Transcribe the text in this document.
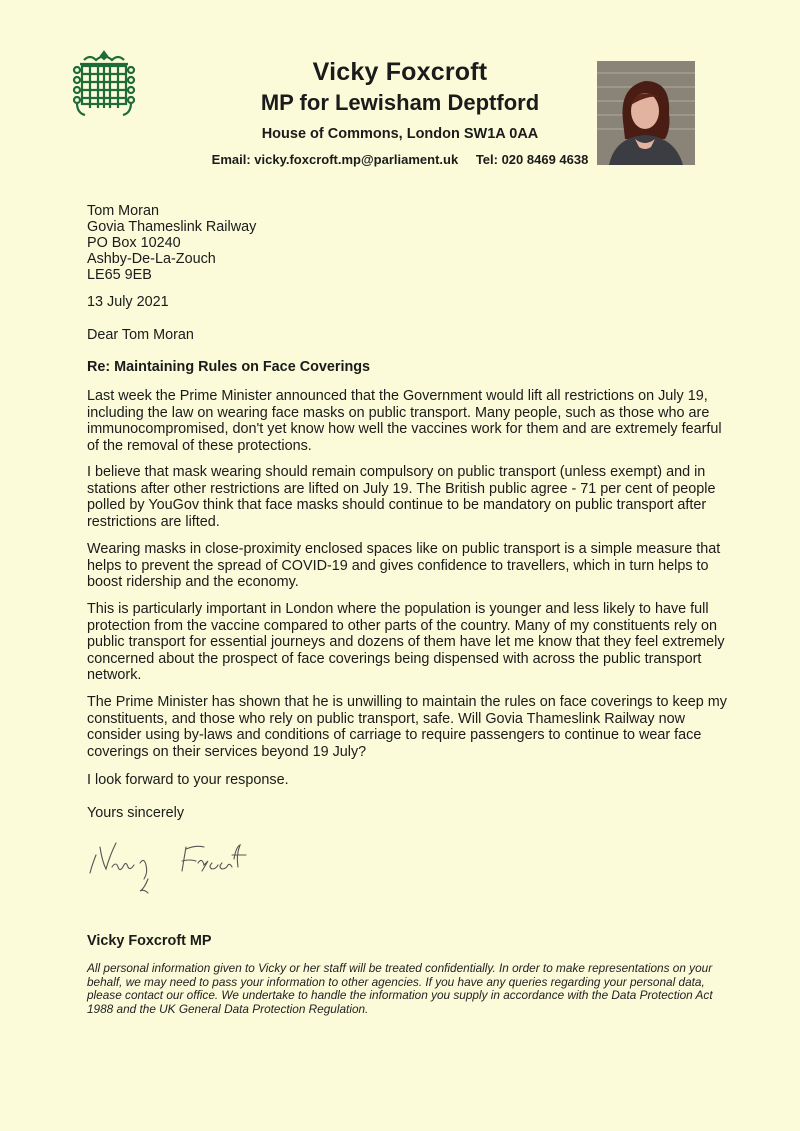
Vicky Foxcroft
MP for Lewisham Deptford
House of Commons, London SW1A 0AA
Email: vicky.foxcroft.mp@parliament.uk Tel: 020 8469 4638
Tom Moran
Govia Thameslink Railway
PO Box 10240
Ashby-De-La-Zouch
LE65 9EB
13 July 2021
Dear Tom Moran
Re: Maintaining Rules on Face Coverings

Last week the Prime Minister announced that the Government would lift all restrictions on July 19, including the law on wearing face masks on public transport. Many people, such as those who are immunocompromised, don't yet know how well the vaccines work for them and are extremely fearful of the removal of these protections.

I believe that mask wearing should remain compulsory on public transport (unless exempt) and in stations after other restrictions are lifted on July 19. The British public agree - 71 per cent of people polled by YouGov think that face masks should continue to be mandatory on public transport after restrictions are lifted.

Wearing masks in close-proximity enclosed spaces like on public transport is a simple measure that helps to prevent the spread of COVID-19 and gives confidence to travellers, which in turn helps to boost ridership and the economy.

This is particularly important in London where the population is younger and less likely to have full protection from the vaccine compared to other parts of the country. Many of my constituents rely on public transport for essential journeys and dozens of them have let me know that they feel extremely concerned about the prospect of face coverings being dispensed with across the public transport network.

The Prime Minister has shown that he is unwilling to maintain the rules on face coverings to keep my constituents, and those who rely on public transport, safe. Will Govia Thameslink Railway now consider using by-laws and conditions of carriage to require passengers to continue to wear face coverings on their services beyond 19 July?

I look forward to your response.

Yours sincerely
Vicky Foxcroft MP

All personal information given to Vicky or her staff will be treated confidentially. In order to make representations on your behalf, we may need to pass your information to other agencies. If you have any queries regarding your personal data, please contact our office. We undertake to handle the information you supply in accordance with the Data Protection Act 1988 and the UK General Data Protection Regulation.
